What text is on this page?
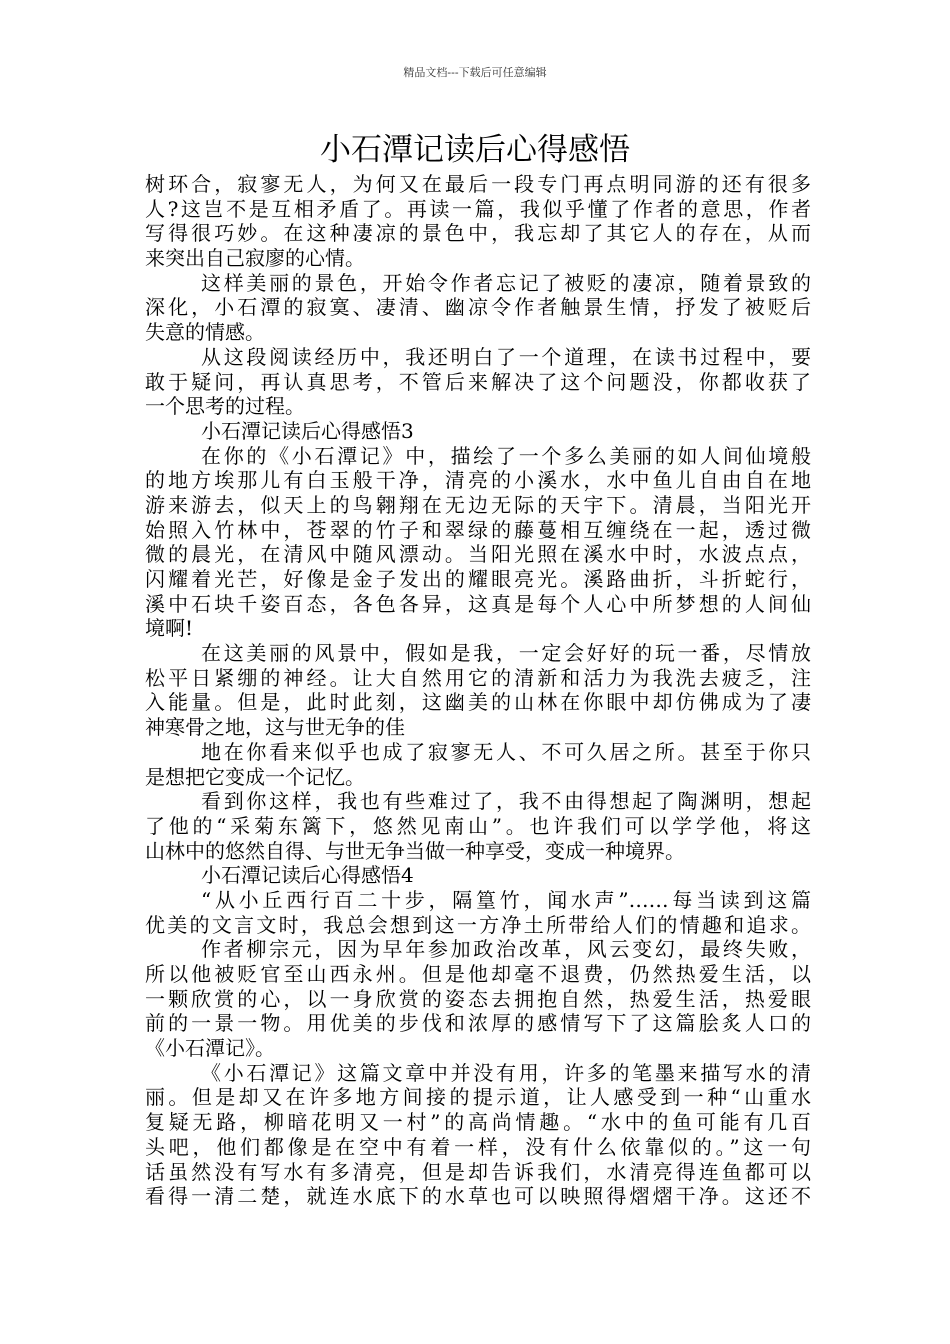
精品文档---下载后可任意编辑
小石潭记读后心得感悟
树环合，寂寥无人，为何又在最后一段专门再点明同游的还有很多
人?这岂不是互相矛盾了。再读一篇，我似乎懂了作者的意思，作者
写得很巧妙。在这种凄凉的景色中，我忘却了其它人的存在，从而
来突出自己寂廖的心情。
这样美丽的景色，开始令作者忘记了被贬的凄凉，随着景致的
深化，小石潭的寂寞、凄清、幽凉令作者触景生情，抒发了被贬后
失意的情感。
从这段阅读经历中，我还明白了一个道理，在读书过程中，要
敢于疑问，再认真思考，不管后来解决了这个问题没，你都收获了
一个思考的过程。
小石潭记读后心得感悟3
在你的《小石潭记》中，描绘了一个多么美丽的如人间仙境般
的地方埃那儿有白玉般干净，清亮的小溪水，水中鱼儿自由自在地
游来游去，似天上的鸟翱翔在无边无际的天宇下。清晨，当阳光开
始照入竹林中，苍翠的竹子和翠绿的藤蔓相互缠绕在一起，透过微
微的晨光，在清风中随风漂动。当阳光照在溪水中时，水波点点，
闪耀着光芒，好像是金子发出的耀眼亮光。溪路曲折，斗折蛇行，
溪中石块千姿百态，各色各异，这真是每个人心中所梦想的人间仙
境啊!
在这美丽的风景中，假如是我，一定会好好的玩一番，尽情放
松平日紧绷的神经。让大自然用它的清新和活力为我洗去疲乏，注
入能量。但是，此时此刻，这幽美的山林在你眼中却仿佛成为了凄
神寒骨之地，这与世无争的佳
地在你看来似乎也成了寂寥无人、不可久居之所。甚至于你只
是想把它变成一个记忆。
看到你这样，我也有些难过了，我不由得想起了陶渊明，想起
了他的“采菊东篱下，悠然见南山”。也许我们可以学学他，将这
山林中的悠然自得、与世无争当做一种享受，变成一种境界。
小石潭记读后心得感悟4
“从小丘西行百二十步，隔篁竹，闻水声”……每当读到这篇
优美的文言文时，我总会想到这一方净土所带给人们的情趣和追求。
作者柳宗元，因为早年参加政治改革，风云变幻，最终失败，
所以他被贬官至山西永州。但是他却毫不退费，仍然热爱生活，以
一颗欣赏的心，以一身欣赏的姿态去拥抱自然，热爱生活，热爱眼
前的一景一物。用优美的步伐和浓厚的感情写下了这篇脍炙人口的
《小石潭记》。
《小石潭记》这篇文章中并没有用，许多的笔墨来描写水的清
丽。但是却又在许多地方间接的提示道，让人感受到一种“山重水
复疑无路，柳暗花明又一村”的高尚情趣。“水中的鱼可能有几百
头吧，他们都像是在空中有着一样，没有什么依靠似的。”这一句
话虽然没有写水有多清亮，但是却告诉我们，水清亮得连鱼都可以
看得一清二楚，就连水底下的水草也可以映照得熠熠干净。这还不
